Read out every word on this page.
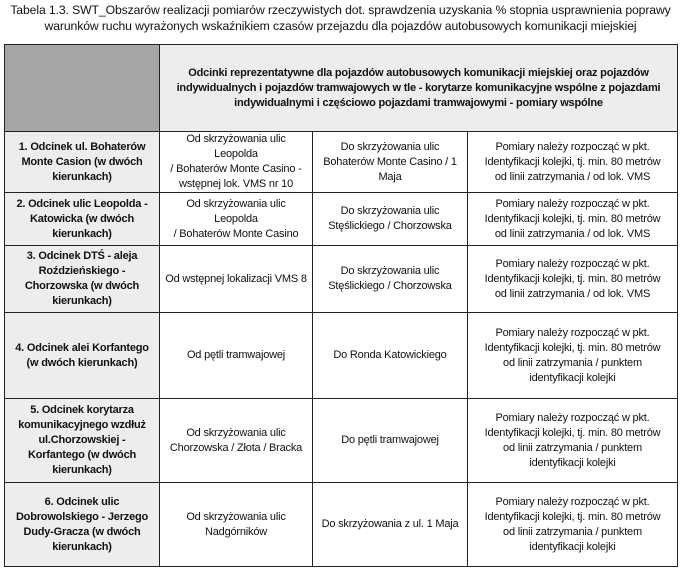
Tabela 1.3. SWT_Obszarów realizacji pomiarów rzeczywistych dot. sprawdzenia uzyskania % stopnia usprawnienia poprawy
warunków ruchu wyrażonych wskaźnikiem czasów przejazdu dla pojazdów autobusowych komunikacji miejskiej

	Odcinki reprezentatywne dla pojazdów autobusowych komunikacji miejskiej oraz pojazdów
indywidualnych i pojazdów tramwajowych w tle - korytarze komunikacyjne wspólne z pojazdami
indywidualnymi i częściowo pojazdami tramwajowymi - pomiary wspólne		

1. Odcinek ul. Bohaterów
Monte Casion (w dwóch
kierunkach)	Od skrzyżowania ulic Leopolda
/ Bohaterów Monte Casino -
wstępnej lok. VMS nr 10	Do skrzyżowania ulic
Bohaterów Monte Casino / 1
Maja	Pomiary należy rozpocząć w pkt.
Identyfikacji kolejki, tj. min. 80 metrów
od linii zatrzymania / od lok. VMS

2. Odcinek ulic Leopolda -
Katowicka (w dwóch
kierunkach)	Od skrzyżowania ulic Leopolda
/ Bohaterów Monte Casino	Do skrzyżowania ulic
Stęślickiego / Chorzowska	Pomiary należy rozpocząć w pkt.
Identyfikacji kolejki, tj. min. 80 metrów
od linii zatrzymania / od lok. VMS

3. Odcinek DTŚ - aleja
Roździeńskiego -
Chorzowska (w dwóch
kierunkach)	Od wstępnej lokalizacji VMS 8	Do skrzyżowania ulic
Stęślickiego / Chorzowska	Pomiary należy rozpocząć w pkt.
Identyfikacji kolejki, tj. min. 80 metrów
od linii zatrzymania / od lok. VMS

4. Odcinek alei Korfantego
(w dwóch kierunkach)	Od pętli tramwajowej	Do Ronda Katowickiego	Pomiary należy rozpocząć w pkt.
Identyfikacji kolejki, tj. min. 80 metrów
od linii zatrzymania / punktem
identyfikacji kolejki

5. Odcinek korytarza
komunikacyjnego wzdłuż
ul.Chorzowskiej -
Korfantego (w dwóch
kierunkach)	Od skrzyżowania ulic
Chorzowska / Złota / Bracka	Do pętli tramwajowej	Pomiary należy rozpocząć w pkt.
Identyfikacji kolejki, tj. min. 80 metrów
od linii zatrzymania / punktem
identyfikacji kolejki

6. Odcinek ulic
Dobrowolskiego - Jerzego
Dudy-Gracza (w dwóch
kierunkach)	Od skrzyżowania ulic
Nadgórników	Do skrzyżowania z ul. 1 Maja	Pomiary należy rozpocząć w pkt.
Identyfikacji kolejki, tj. min. 80 metrów
od linii zatrzymania / punktem
identyfikacji kolejki
